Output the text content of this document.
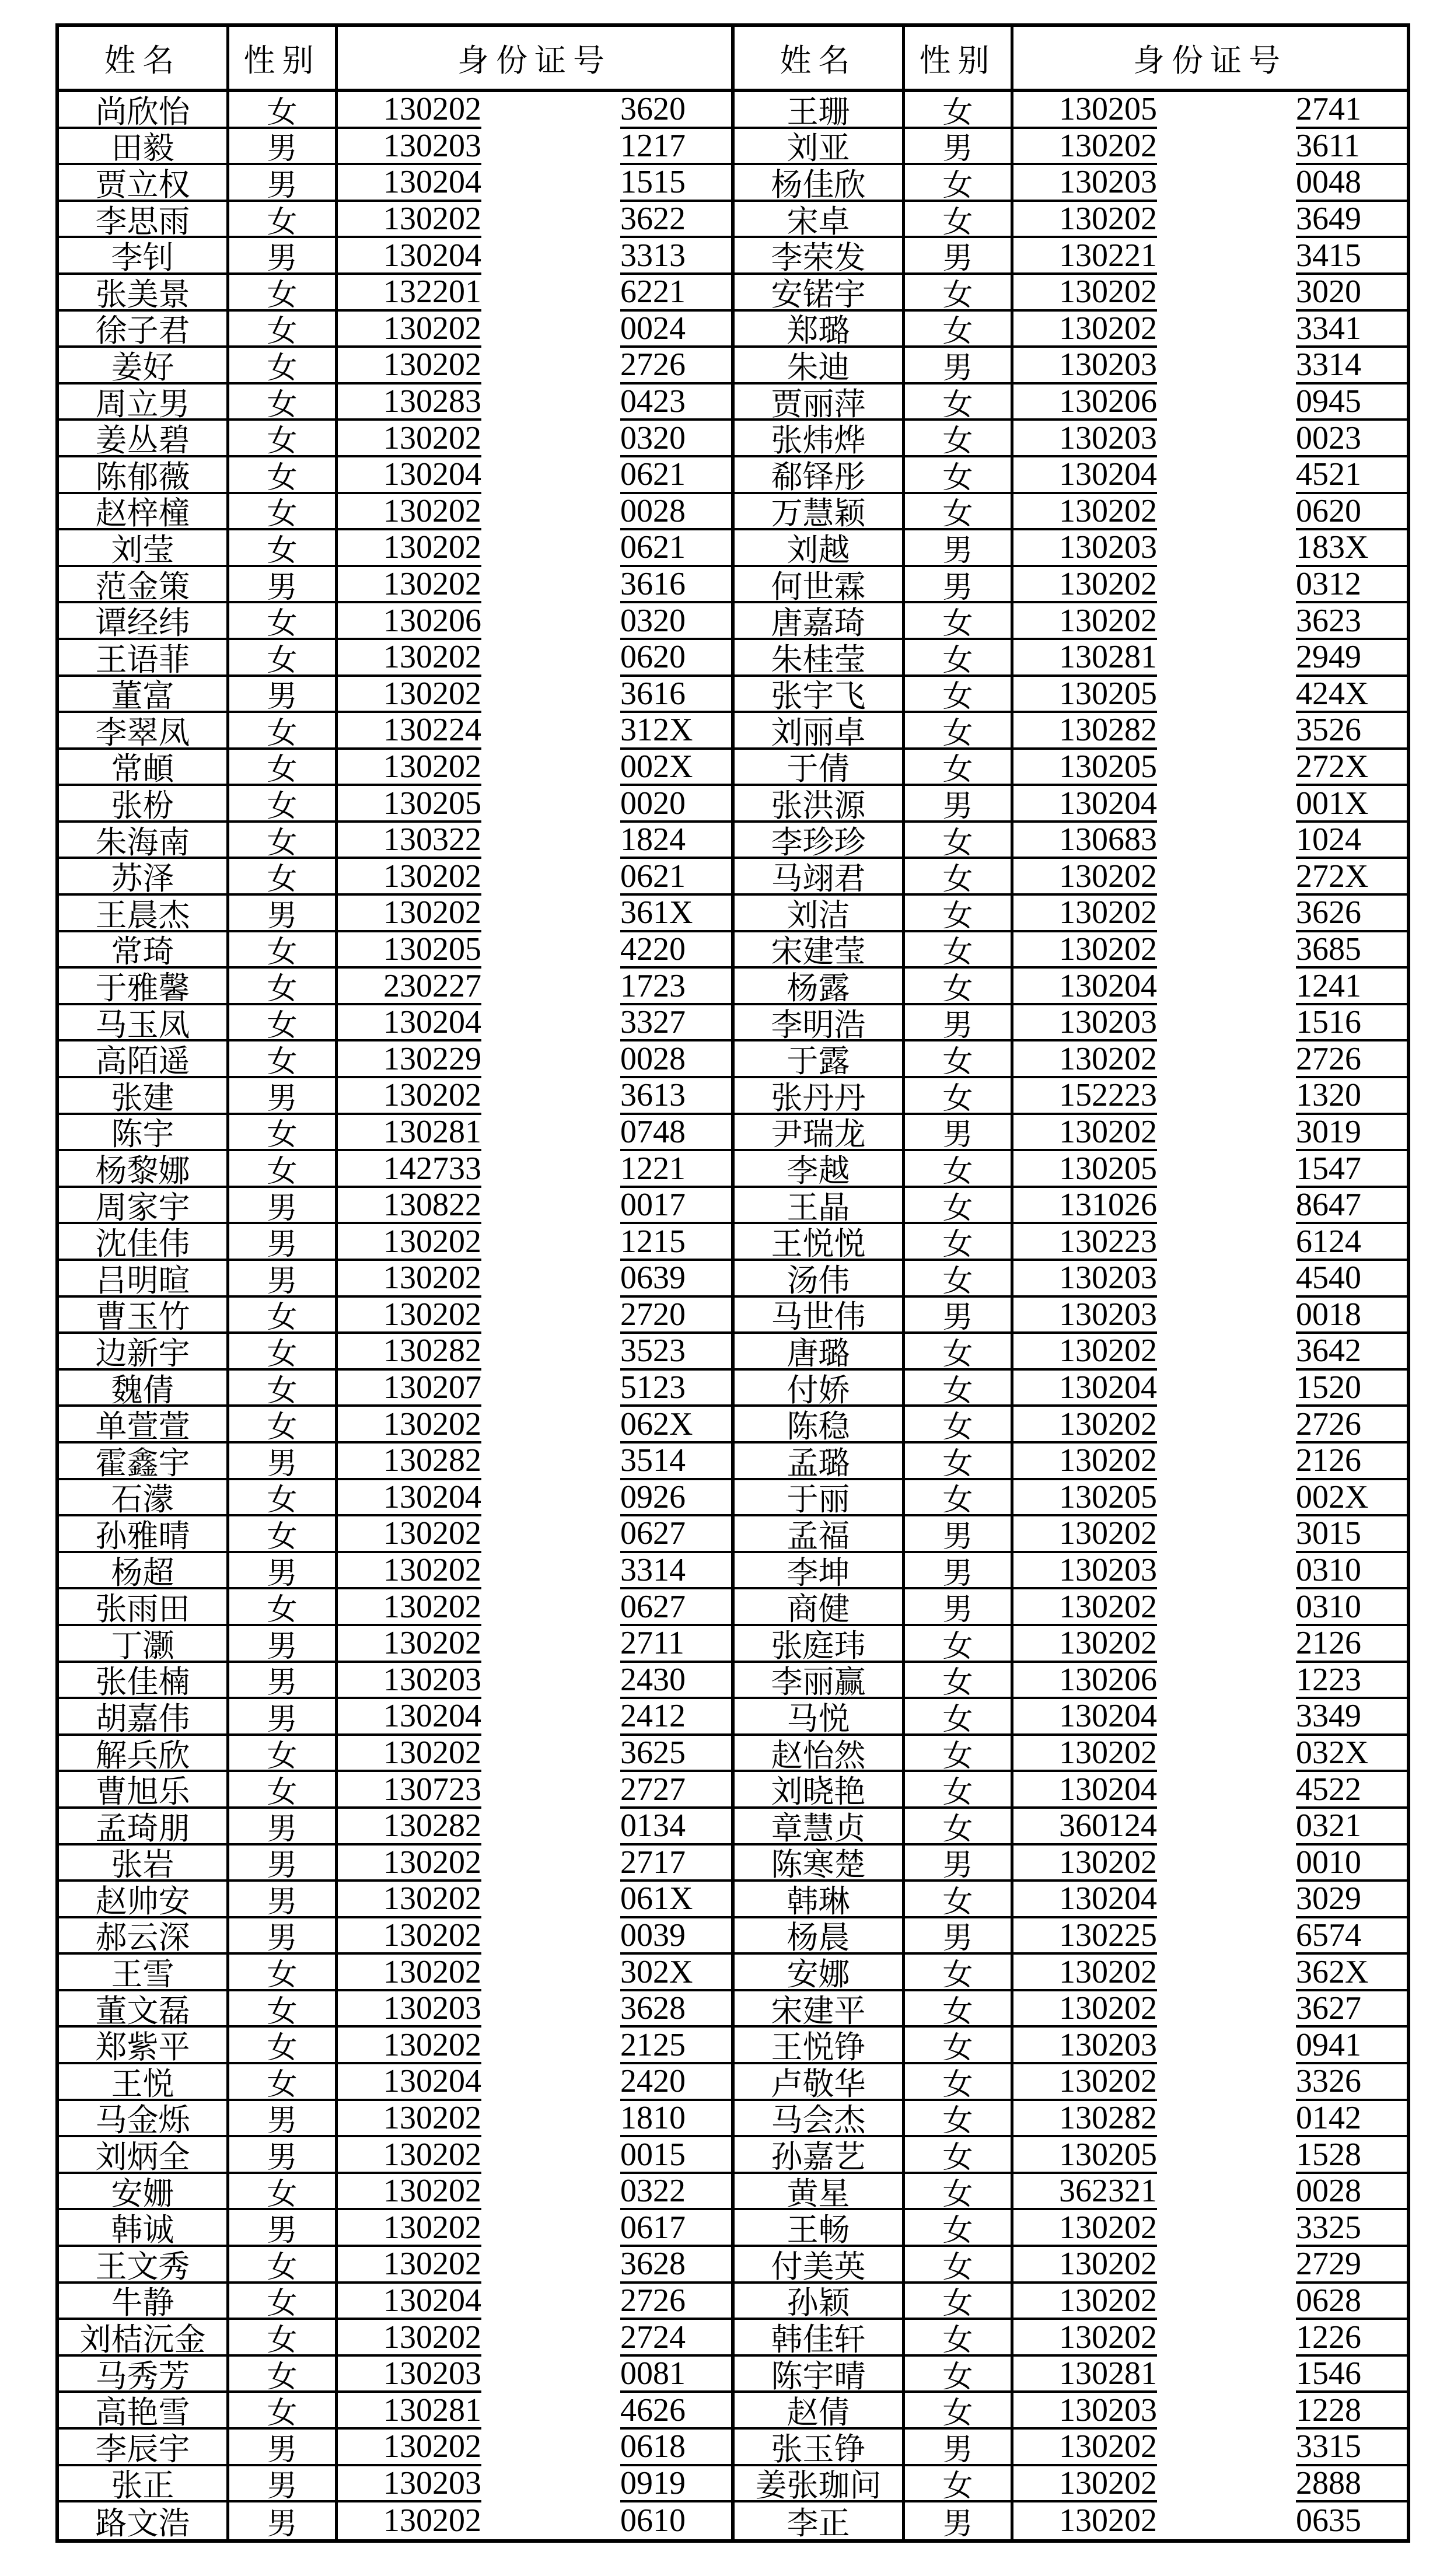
姓名	性别	身份证号
尚欣怡	女	130202	3620
田毅	男	130203	1217
贾立权	男	130204	1515
李思雨	女	130202	3622
李钊	男	130204	3313
张美景	女	132201	6221
徐子君	女	130202	0024
姜好	女	130202	2726
周立男	女	130283	0423
姜丛碧	女	130202	0320
陈郁薇	女	130204	0621
赵梓橦	女	130202	0028
刘莹	女	130202	0621
范金策	男	130202	3616
谭经纬	女	130206	0320
王语菲	女	130202	0620
董富	男	130202	3616
李翠凤	女	130224	312X
常頔	女	130202	002X
张枌	女	130205	0020
朱海南	女	130322	1824
苏泽	女	130202	0621
王晨杰	男	130202	361X
常琦	女	130205	4220
于雅馨	女	230227	1723
马玉凤	女	130204	3327
高陌遥	女	130229	0028
张建	男	130202	3613
陈宇	女	130281	0748
杨黎娜	女	142733	1221
周家宇	男	130822	0017
沈佳伟	男	130202	1215
吕明暄	男	130202	0639
曹玉竹	女	130202	2720
边新宇	女	130282	3523
魏倩	女	130207	5123
单萱萱	女	130202	062X
霍鑫宇	男	130282	3514
石濛	女	130204	0926
孙雅晴	女	130202	0627
杨超	男	130202	3314
张雨田	女	130202	0627
丁灏	男	130202	2711
张佳楠	男	130203	2430
胡嘉伟	男	130204	2412
解兵欣	女	130202	3625
曹旭乐	女	130723	2727
孟琦朋	男	130282	0134
张岩	男	130202	2717
赵帅安	男	130202	061X
郝云深	男	130202	0039
王雪	女	130202	302X
董文磊	女	130203	3628
郑紫平	女	130202	2125
王悦	女	130204	2420
马金烁	男	130202	1810
刘炳全	男	130202	0015
安姗	女	130202	0322
韩诚	男	130202	0617
王文秀	女	130202	3628
牛静	女	130204	2726
刘桔沅金	女	130202	2724
马秀芳	女	130203	0081
高艳雪	女	130281	4626
李辰宇	男	130202	0618
张正	男	130203	0919
路文浩	男	130202	0610
姓名	性别	身份证号
王珊	女	130205	2741
刘亚	男	130202	3611
杨佳欣	女	130203	0048
宋卓	女	130202	3649
李荣发	男	130221	3415
安锘宇	女	130202	3020
郑璐	女	130202	3341
朱迪	男	130203	3314
贾丽萍	女	130206	0945
张炜烨	女	130203	0023
郗铎彤	女	130204	4521
万慧颖	女	130202	0620
刘越	男	130203	183X
何世霖	男	130202	0312
唐嘉琦	女	130202	3623
朱桂莹	女	130281	2949
张宇飞	女	130205	424X
刘丽卓	女	130282	3526
于倩	女	130205	272X
张洪源	男	130204	001X
李珍珍	女	130683	1024
马翊君	女	130202	272X
刘洁	女	130202	3626
宋建莹	女	130202	3685
杨露	女	130204	1241
李明浩	男	130203	1516
于露	女	130202	2726
张丹丹	女	152223	1320
尹瑞龙	男	130202	3019
李越	女	130205	1547
王晶	女	131026	8647
王悦悦	女	130223	6124
汤伟	女	130203	4540
马世伟	男	130203	0018
唐璐	女	130202	3642
付娇	女	130204	1520
陈稳	女	130202	2726
孟璐	女	130202	2126
于丽	女	130205	002X
孟福	男	130202	3015
李坤	男	130203	0310
商健	男	130202	0310
张庭玮	女	130202	2126
李丽赢	女	130206	1223
马悦	女	130204	3349
赵怡然	女	130202	032X
刘晓艳	女	130204	4522
章慧贞	女	360124	0321
陈寒楚	男	130202	0010
韩琳	女	130204	3029
杨晨	男	130225	6574
安娜	女	130202	362X
宋建平	女	130202	3627
王悦铮	女	130203	0941
卢敬华	女	130202	3326
马会杰	女	130282	0142
孙嘉艺	女	130205	1528
黄星	女	362321	0028
王畅	女	130202	3325
付美英	女	130202	2729
孙颖	女	130202	0628
韩佳轩	女	130202	1226
陈宇晴	女	130281	1546
赵倩	女	130203	1228
张玉铮	男	130202	3315
姜张珈问	女	130202	2888
李正	男	130202	0635
